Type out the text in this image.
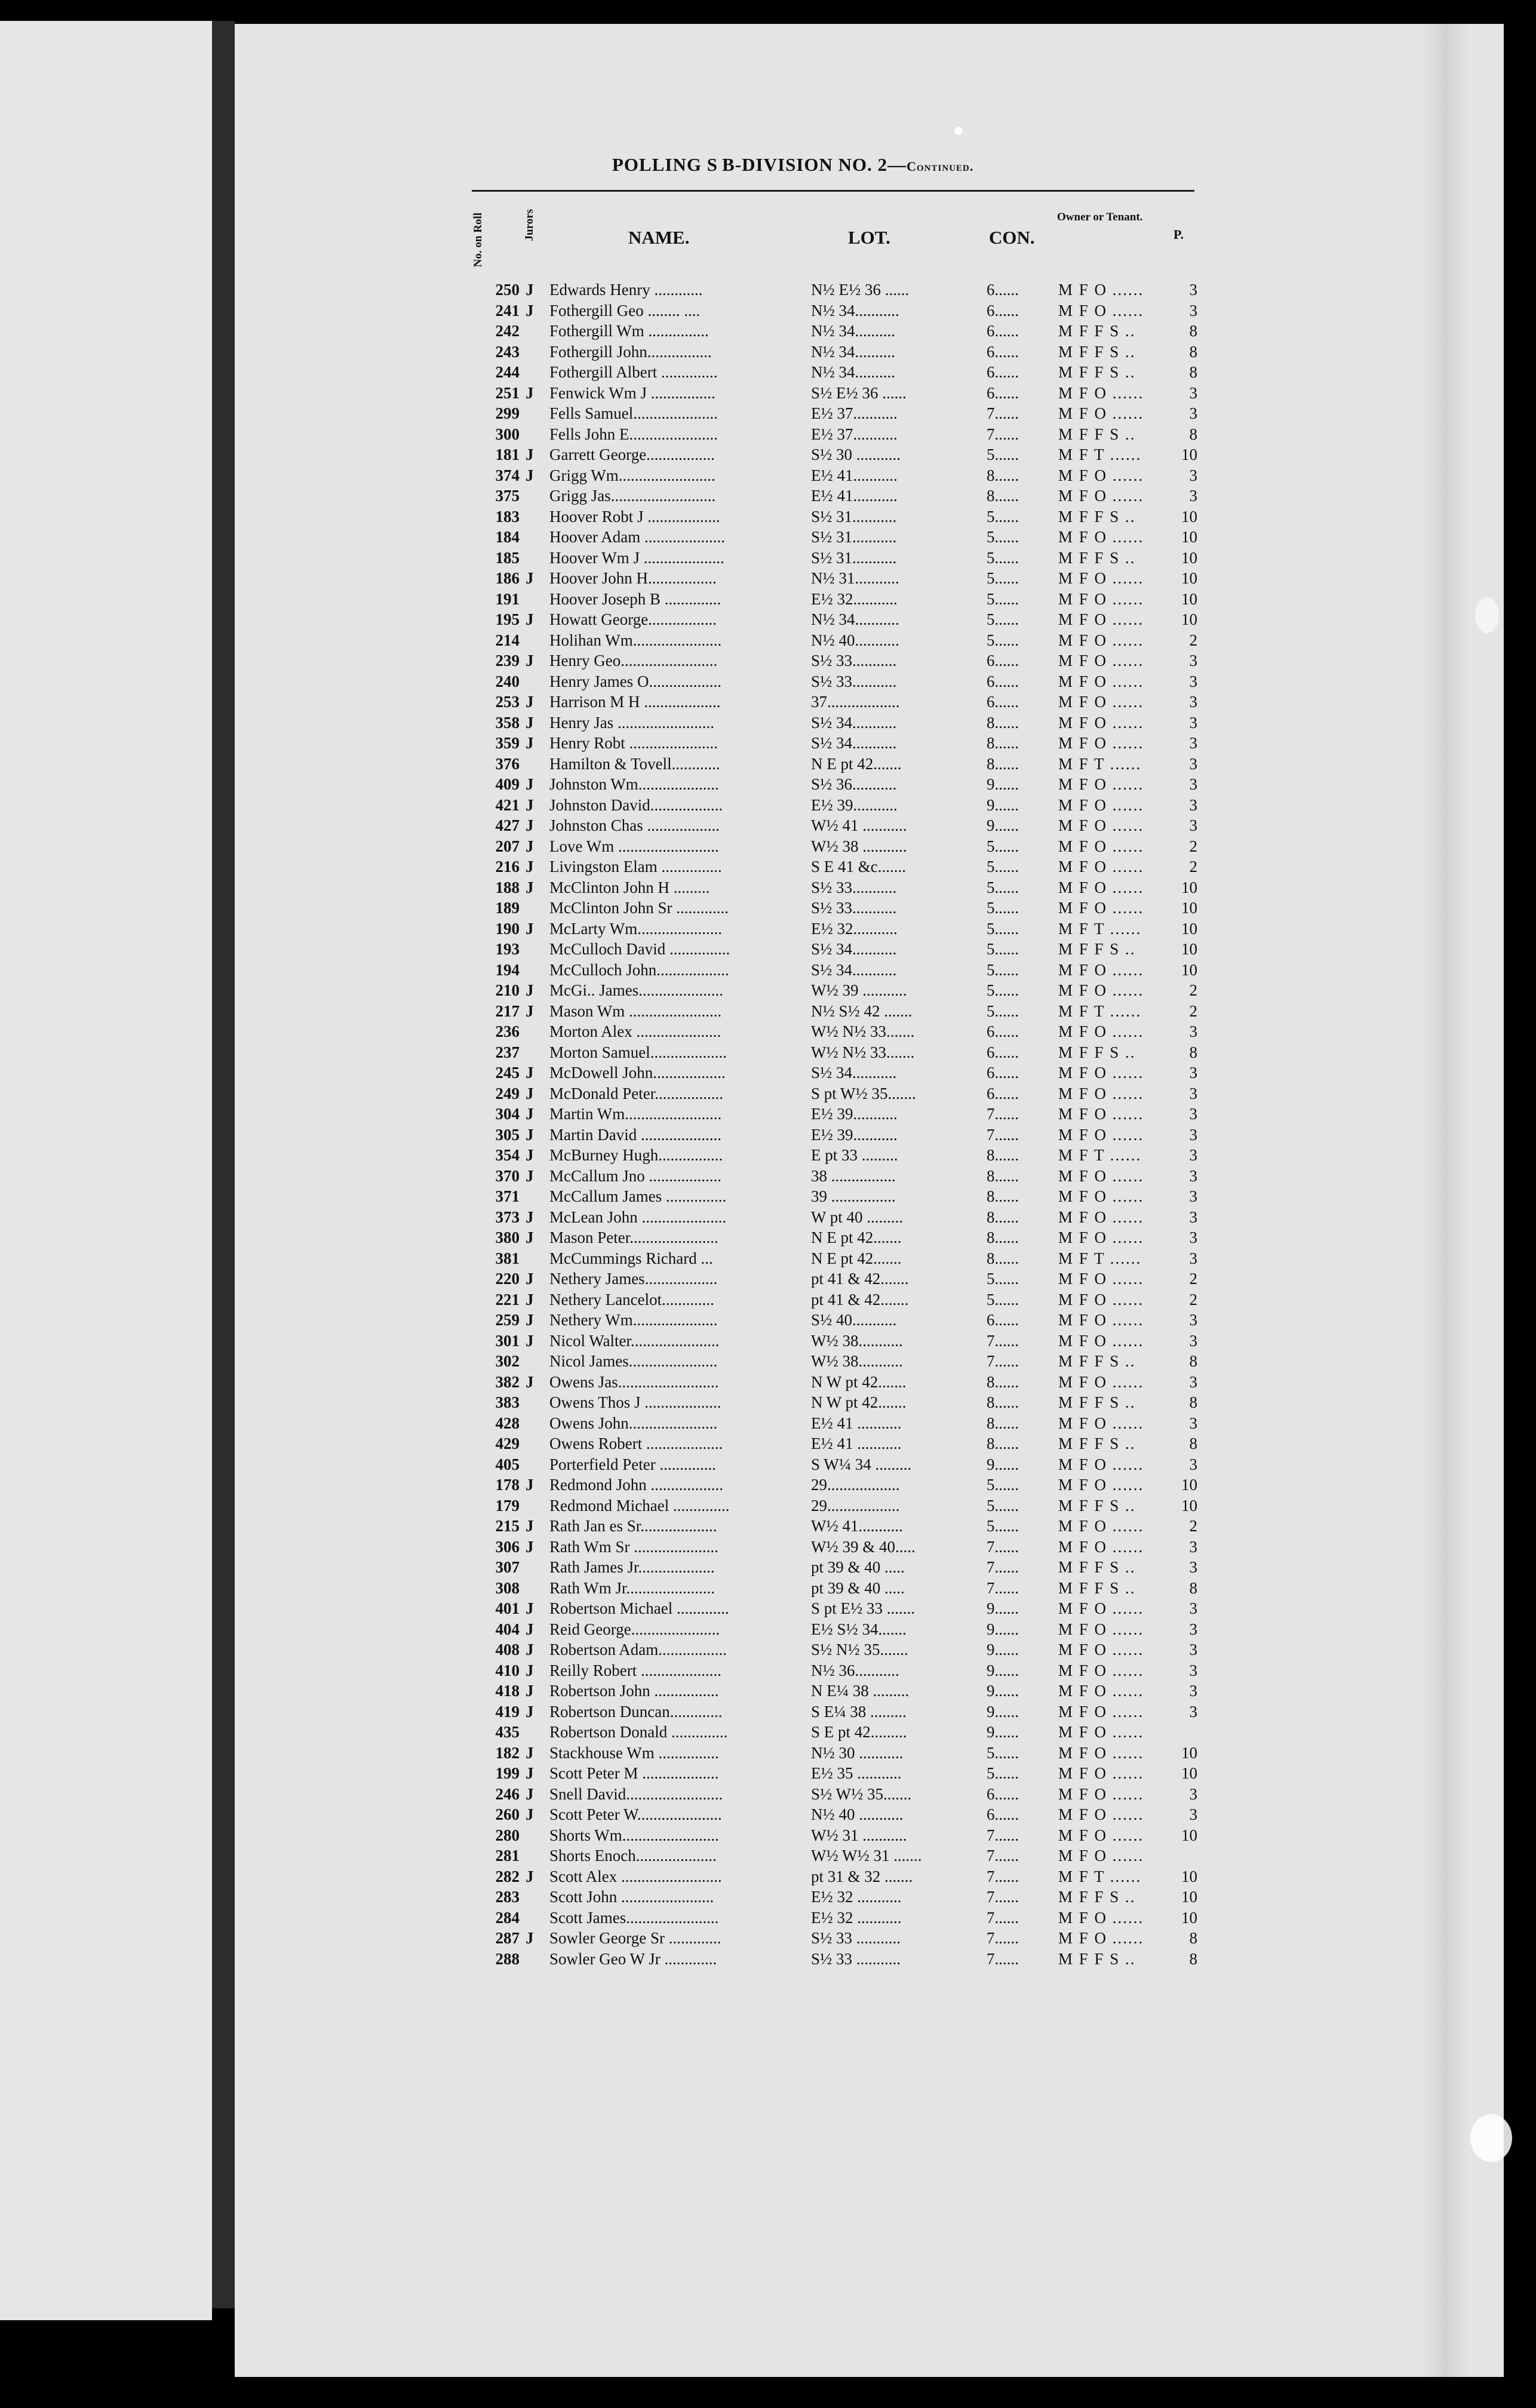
POLLING S B-DIVISION NO. 2—Continued.
No. on Roll	Jurors	NAME.	LOT.	CON.
Owner or Tenant.
P.
250 J Edwards Henry ............	N½ E½ 36 ......	6......	M F O ......	3
241 J Fothergill Geo ........ ....	N½ 34...........	6......	M F O ......	3
242 Fothergill Wm ...............	N½ 34..........	6......	M F F S ..	8
243 Fothergill John................	N½ 34..........	6......	M F F S ..	8
244 Fothergill Albert ..............	N½ 34..........	6......	M F F S ..	8
251 J Fenwick Wm J ................	S½ E½ 36 ......	6......	M F O ......	3
299 Fells Samuel.....................	E½ 37...........	7......	M F O ......	3
300 Fells John E......................	E½ 37...........	7......	M F F S ..	8
181 J Garrett George.................	S½ 30 ...........	5......	M F T ......	10
374 J Grigg Wm........................	E½ 41...........	8......	M F O ......	3
375 Grigg Jas..........................	E½ 41...........	8......	M F O ......	3
183 Hoover Robt J ..................	S½ 31...........	5......	M F F S ..	10
184 Hoover Adam ....................	S½ 31...........	5......	M F O ......	10
185 Hoover Wm J ....................	S½ 31...........	5......	M F F S ..	10
186 J Hoover John H.................	N½ 31...........	5......	M F O ......	10
191 Hoover Joseph B ..............	E½ 32...........	5......	M F O ......	10
195 J Howatt George.................	N½ 34...........	5......	M F O ......	10
214 Holihan Wm......................	N½ 40...........	5......	M F O ......	2
239 J Henry Geo........................	S½ 33...........	6......	M F O ......	3
240 Henry James O..................	S½ 33...........	6......	M F O ......	3
253 J Harrison M H ...................	37..................	6......	M F O ......	3
358 J Henry Jas ........................	S½ 34...........	8......	M F O ......	3
359 J Henry Robt ......................	S½ 34...........	8......	M F O ......	3
376 Hamilton & Tovell............	N E pt 42.......	8......	M F T ......	3
409 J Johnston Wm....................	S½ 36...........	9......	M F O ......	3
421 J Johnston David..................	E½ 39...........	9......	M F O ......	3
427 J Johnston Chas ..................	W½ 41 ...........	9......	M F O ......	3
207 J Love Wm .........................	W½ 38 ...........	5......	M F O ......	2
216 J Livingston Elam ...............	S E 41 &c.......	5......	M F O ......	2
188 J McClinton John H .........	S½ 33...........	5......	M F O ......	10
189 McClinton John Sr .............	S½ 33...........	5......	M F O ......	10
190 J McLarty Wm.....................	E½ 32...........	5......	M F T ......	10
193 McCulloch David ...............	S½ 34...........	5......	M F F S ..	10
194 McCulloch John..................	S½ 34...........	5......	M F O ......	10
210 J McGi.. James.....................	W½ 39 ...........	5......	M F O ......	2
217 J Mason Wm .......................	N½ S½ 42 .......	5......	M F T ......	2
236 Morton Alex .....................	W½ N½ 33.......	6......	M F O ......	3
237 Morton Samuel...................	W½ N½ 33.......	6......	M F F S ..	8
245 J McDowell John..................	S½ 34...........	6......	M F O ......	3
249 J McDonald Peter.................	S pt W½ 35.......	6......	M F O ......	3
304 J Martin Wm........................	E½ 39...........	7......	M F O ......	3
305 J Martin David ....................	E½ 39...........	7......	M F O ......	3
354 J McBurney Hugh................	E pt 33 .........	8......	M F T ......	3
370 J McCallum Jno ..................	38 ................	8......	M F O ......	3
371 McCallum James ...............	39 ................	8......	M F O ......	3
373 J McLean John .....................	W pt 40 .........	8......	M F O ......	3
380 J Mason Peter......................	N E pt 42.......	8......	M F O ......	3
381 McCummings Richard ...	N E pt 42.......	8......	M F T ......	3
220 J Nethery James..................	pt 41 & 42.......	5......	M F O ......	2
221 J Nethery Lancelot.............	pt 41 & 42.......	5......	M F O ......	2
259 J Nethery Wm.....................	S½ 40...........	6......	M F O ......	3
301 J Nicol Walter......................	W½ 38...........	7......	M F O ......	3
302 Nicol James......................	W½ 38...........	7......	M F F S ..	8
382 J Owens Jas.........................	N W pt 42.......	8......	M F O ......	3
383 Owens Thos J ...................	N W pt 42.......	8......	M F F S ..	8
428 Owens John......................	E½ 41 ...........	8......	M F O ......	3
429 Owens Robert ...................	E½ 41 ...........	8......	M F F S ..	8
405 Porterfield Peter ..............	S W¼ 34 .........	9......	M F O ......	3
178 J Redmond John ..................	29..................	5......	M F O ......	10
179 Redmond Michael ..............	29..................	5......	M F F S ..	10
215 J Rath Jan es Sr...................	W½ 41...........	5......	M F O ......	2
306 J Rath Wm Sr .....................	W½ 39 & 40.....	7......	M F O ......	3
307 Rath James Jr...................	pt 39 & 40 .....	7......	M F F S ..	3
308 Rath Wm Jr......................	pt 39 & 40 .....	7......	M F F S ..	8
401 J Robertson Michael .............	S pt E½ 33 .......	9......	M F O ......	3
404 J Reid George......................	E½ S½ 34.......	9......	M F O ......	3
408 J Robertson Adam.................	S½ N½ 35.......	9......	M F O ......	3
410 J Reilly Robert ....................	N½ 36...........	9......	M F O ......	3
418 J Robertson John ................	N E¼ 38 .........	9......	M F O ......	3
419 J Robertson Duncan.............	S E¼ 38 .........	9......	M F O ......	3
435 Robertson Donald ..............	S E pt 42.........	9......	M F O ......
182 J Stackhouse Wm ...............	N½ 30 ...........	5......	M F O ......	10
199 J Scott Peter M ...................	E½ 35 ...........	5......	M F O ......	10
246 J Snell David........................	S½ W½ 35.......	6......	M F O ......	3
260 J Scott Peter W.....................	N½ 40 ...........	6......	M F O ......	3
280 Shorts Wm........................	W½ 31 ...........	7......	M F O ......	10
281 Shorts Enoch....................	W½ W½ 31 .......	7......	M F O ......
282 J Scott Alex .........................	pt 31 & 32 .......	7......	M F T ......	10
283 Scott John .......................	E½ 32 ...........	7......	M F F S ..	10
284 Scott James.......................	E½ 32 ...........	7......	M F O ......	10
287 J Sowler George Sr .............	S½ 33 ...........	7......	M F O ......	8
288 Sowler Geo W Jr .............	S½ 33 ...........	7......	M F F S ..	8
